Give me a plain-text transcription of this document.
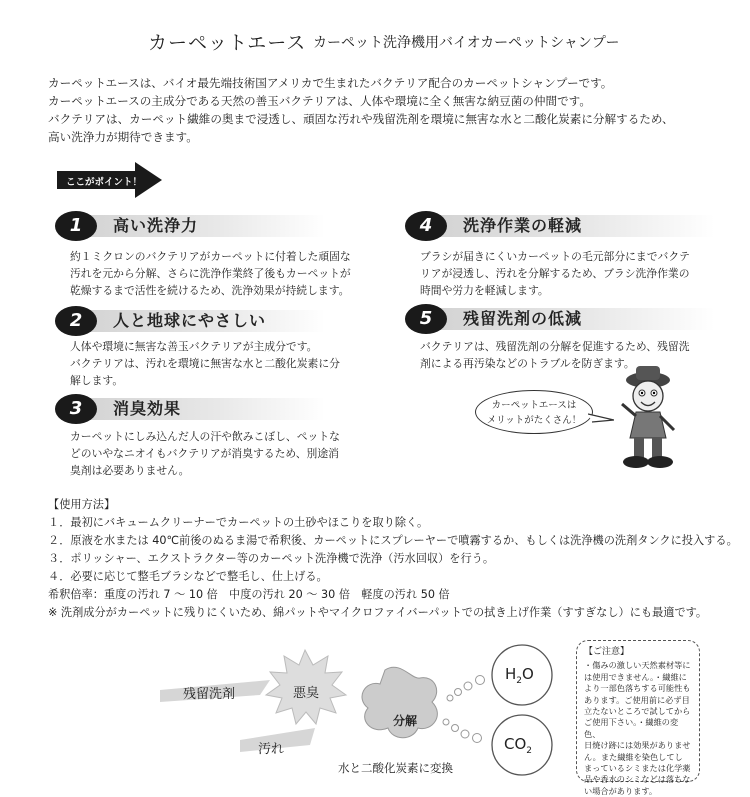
カーペットエース カーペット洗浄機用バイオカーペットシャンプー

カーペットエースは、バイオ最先端技術国アメリカで生まれたバクテリア配合のカーペットシャンプーです。

カーペットエースの主成分である天然の善玉バクテリアは、人体や環境に全く無害な納豆菌の仲間です。

バクテリアは、カーペット繊維の奥まで浸透し、頑固な汚れや残留洗剤を環境に無害な水と二酸化炭素に分解するため、

高い洗浄力が期待できます。

ここがポイント！
1	高い洗浄力

約１ミクロンのバクテリアがカーペットに付着した頑固な

汚れを元から分解、さらに洗浄作業終了後もカーペットが

乾燥するまで活性を続けるため、洗浄効果が持続します。

2	人と地球にやさしい

人体や環境に無害な善玉バクテリアが主成分です。

バクテリアは、汚れを環境に無害な水と二酸化炭素に分

解します。

3	消臭効果

カーペットにしみ込んだ人の汗や飲みこぼし、ペットな

どのいやなニオイもバクテリアが消臭するため、別途消

臭剤は必要ありません。

4	洗浄作業の軽減

ブラシが届きにくいカーペットの毛元部分にまでバクテ

リアが浸透し、汚れを分解するため、ブラシ洗浄作業の

時間や労力を軽減します。

5	残留洗剤の低減

バクテリアは、残留洗剤の分解を促進するため、残留洗

剤による再汚染などのトラブルを防ぎます。

カーペットエースは
メリットがたくさん！

【使用方法】

１．最初にバキュームクリーナーでカーペットの土砂やほこりを取り除く。

２．原液を水または 40℃前後のぬるま湯で希釈後、カーペットにスプレーヤーで噴霧するか、もしくは洗浄機の洗剤タンクに投入する。

３．ポリッシャー、エクストラクター等のカーペット洗浄機で洗浄（汚水回収）を行う。

４．必要に応じて整毛ブラシなどで整毛し、仕上げる。

希釈倍率：重度の汚れ 7 〜 10 倍　中度の汚れ 20 〜 30 倍　軽度の汚れ 50 倍

※ 洗剤成分がカーペットに残りにくいため、綿パットやマイクロファイバーパットでの拭き上げ作業（すすぎなし）にも最適です。

残留洗剤	悪臭
汚れ
分解
$H_2O$
$CO_2$
水と二酸化炭素に変換
【ご注意】

・傷みの激しい天然素材等に

は使用できません。・繊維に

より一部色落ちする可能性も

あります。ご使用前に必ず目

立たないところで試してから

ご使用下さい。・繊維の変色、

日焼け跡には効果がありませ

ん。また繊維を染色してし

まっているシミまたは化学薬

品や香水のシミなどは落ちな

い場合があります。
